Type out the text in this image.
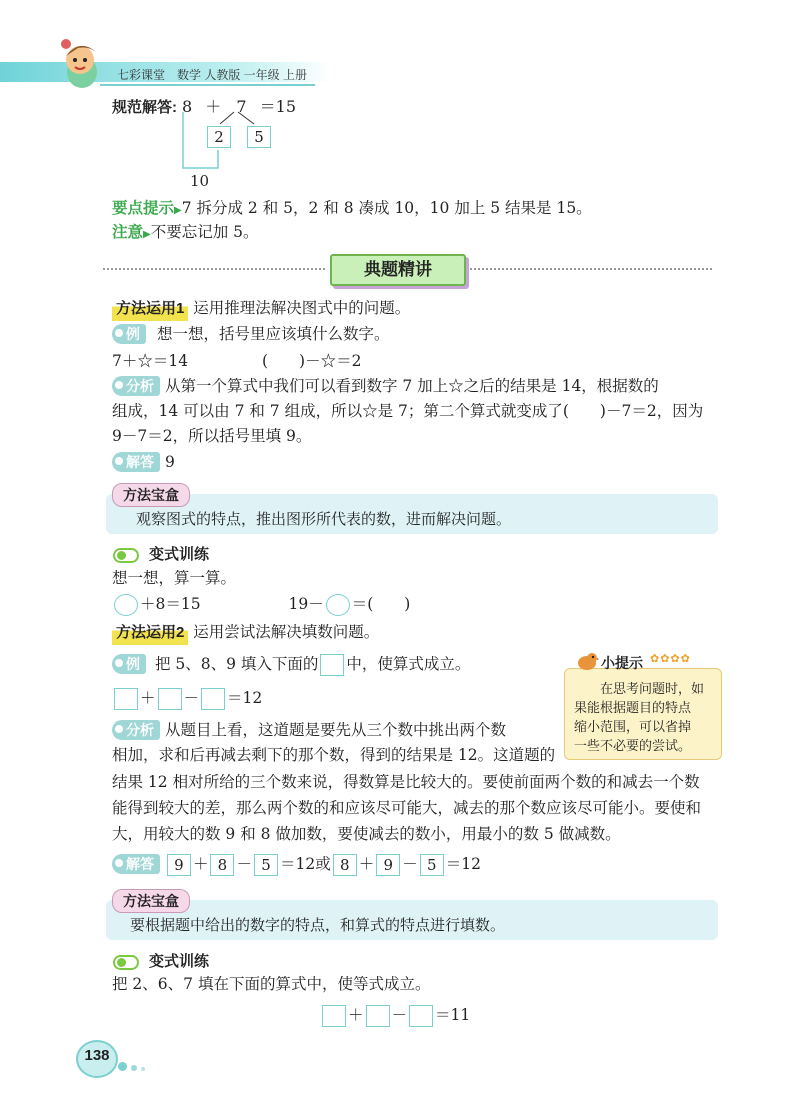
七彩课堂　数学 人教版 一年级 上册
规范解答: 8 ＋ 7 ＝15
2	5
10
要点提示▶7 拆分成 2 和 5，2 和 8 凑成 10，10 加上 5 结果是 15。
注意▶不要忘记加 5。
典题精讲
方法运用1 运用推理法解决图式中的问题。
例 想一想，括号里应该填什么数字。
7＋☆＝14	(　　)－☆＝2
分析 从第一个算式中我们可以看到数字 7 加上☆之后的结果是 14，根据数的
组成，14 可以由 7 和 7 组成，所以☆是 7；第二个算式就变成了(　　)－7＝2，因为
9－7＝2，所以括号里填 9。
解答 9
方法宝盒
观察图式的特点，推出图形所代表的数，进而解决问题。
变式训练
想一想，算一算。
＋8＝15	19－ ＝(　　)
方法运用2 运用尝试法解决填数问题。
例 把 5、8、9 填入下面的 中，使算式成立。
＋ － ＝12
小提示 ✿✿✿✿
在思考问题时，如
果能根据题目的特点
缩小范围，可以省掉
一些不必要的尝试。
分析 从题目上看，这道题是要先从三个数中挑出两个数
相加，求和后再减去剩下的那个数，得到的结果是 12。这道题的
结果 12 相对所给的三个数来说，得数算是比较大的。要使前面两个数的和减去一个数
能得到较大的差，那么两个数的和应该尽可能大，减去的那个数应该尽可能小。要使和
大，用较大的数 9 和 8 做加数，要使减去的数小，用最小的数 5 做减数。
解答 9 ＋ 8 － 5 ＝12或 8 ＋ 9 － 5 ＝12
方法宝盒
要根据题中给出的数字的特点，和算式的特点进行填数。
变式训练
把 2、6、7 填在下面的算式中，使等式成立。
＋ － ＝11
138
